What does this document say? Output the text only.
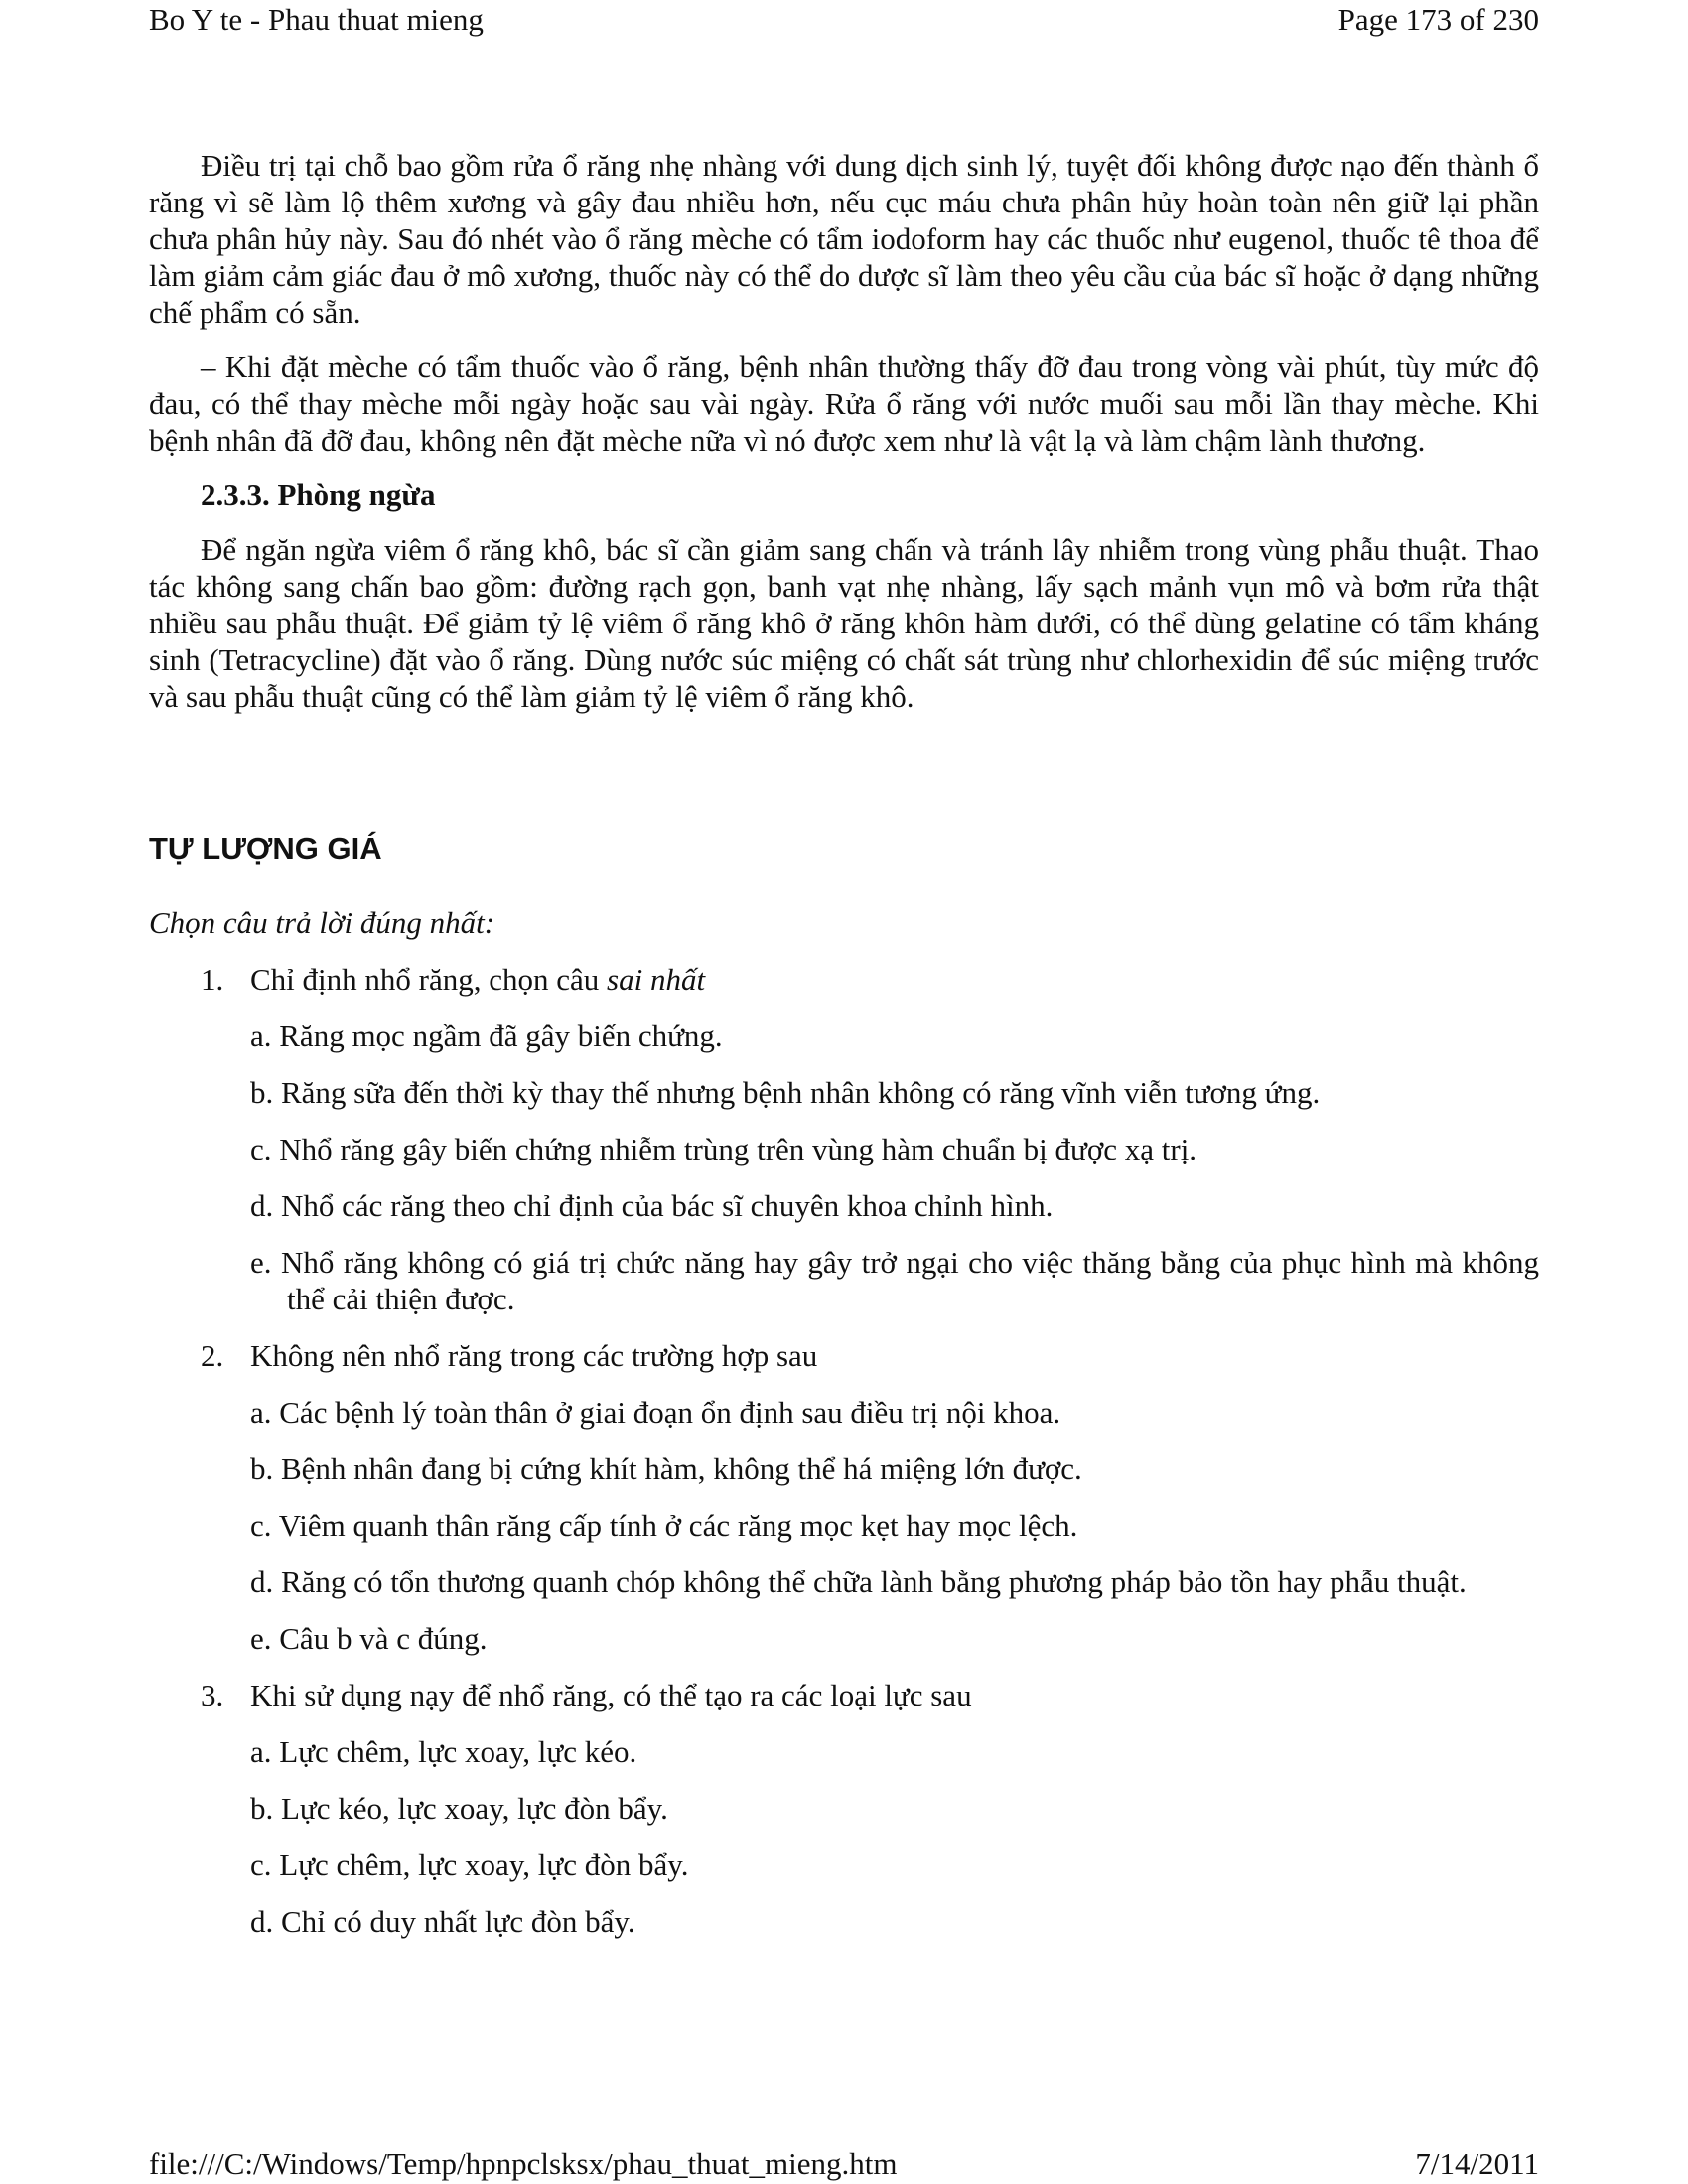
Bo Y te - Phau thuat mieng	Page 173 of 230

Điều trị tại chỗ bao gồm rửa ổ răng nhẹ nhàng với dung dịch sinh lý, tuyệt đối không được nạo đến thành ổ răng vì sẽ làm lộ thêm xương và gây đau nhiều hơn, nếu cục máu chưa phân hủy hoàn toàn nên giữ lại phần chưa phân hủy này. Sau đó nhét vào ổ răng mèche có tẩm iodoform hay các thuốc như eugenol, thuốc tê thoa để làm giảm cảm giác đau ở mô xương, thuốc này có thể do dược sĩ làm theo yêu cầu của bác sĩ hoặc ở dạng những chế phẩm có sẵn.

– Khi đặt mèche có tẩm thuốc vào ổ răng, bệnh nhân thường thấy đỡ đau trong vòng vài phút, tùy mức độ đau, có thể thay mèche mỗi ngày hoặc sau vài ngày. Rửa ổ răng với nước muối sau mỗi lần thay mèche. Khi bệnh nhân đã đỡ đau, không nên đặt mèche nữa vì nó được xem như là vật lạ và làm chậm lành thương.

2.3.3. Phòng ngừa

Để ngăn ngừa viêm ổ răng khô, bác sĩ cần giảm sang chấn và tránh lây nhiễm trong vùng phẫu thuật. Thao tác không sang chấn bao gồm: đường rạch gọn, banh vạt nhẹ nhàng, lấy sạch mảnh vụn mô và bơm rửa thật nhiều sau phẫu thuật. Để giảm tỷ lệ viêm ổ răng khô ở răng khôn hàm dưới, có thể dùng gelatine có tẩm kháng sinh (Tetracycline) đặt vào ổ răng. Dùng nước súc miệng có chất sát trùng như chlorhexidin để súc miệng trước và sau phẫu thuật cũng có thể làm giảm tỷ lệ viêm ổ răng khô.

TỰ LƯỢNG GIÁ
Chọn câu trả lời đúng nhất:
1. Chỉ định nhổ răng, chọn câu sai nhất
a. Răng mọc ngầm đã gây biến chứng.
b. Răng sữa đến thời kỳ thay thế nhưng bệnh nhân không có răng vĩnh viễn tương ứng.
c. Nhổ răng gây biến chứng nhiễm trùng trên vùng hàm chuẩn bị được xạ trị.
d. Nhổ các răng theo chỉ định của bác sĩ chuyên khoa chỉnh hình.
e. Nhổ răng không có giá trị chức năng hay gây trở ngại cho việc thăng bằng của phục hình mà không thể cải thiện được.
2. Không nên nhổ răng trong các trường hợp sau
a. Các bệnh lý toàn thân ở giai đoạn ổn định sau điều trị nội khoa.
b. Bệnh nhân đang bị cứng khít hàm, không thể há miệng lớn được.
c. Viêm quanh thân răng cấp tính ở các răng mọc kẹt hay mọc lệch.
d. Răng có tổn thương quanh chóp không thể chữa lành bằng phương pháp bảo tồn hay phẫu thuật.
e. Câu b và c đúng.
3. Khi sử dụng nạy để nhổ răng, có thể tạo ra các loại lực sau
a. Lực chêm, lực xoay, lực kéo.
b. Lực kéo, lực xoay, lực đòn bẩy.
c. Lực chêm, lực xoay, lực đòn bẩy.
d. Chỉ có duy nhất lực đòn bẩy.
file:///C:/Windows/Temp/hpnpclsksx/phau_thuat_mieng.htm	7/14/2011
